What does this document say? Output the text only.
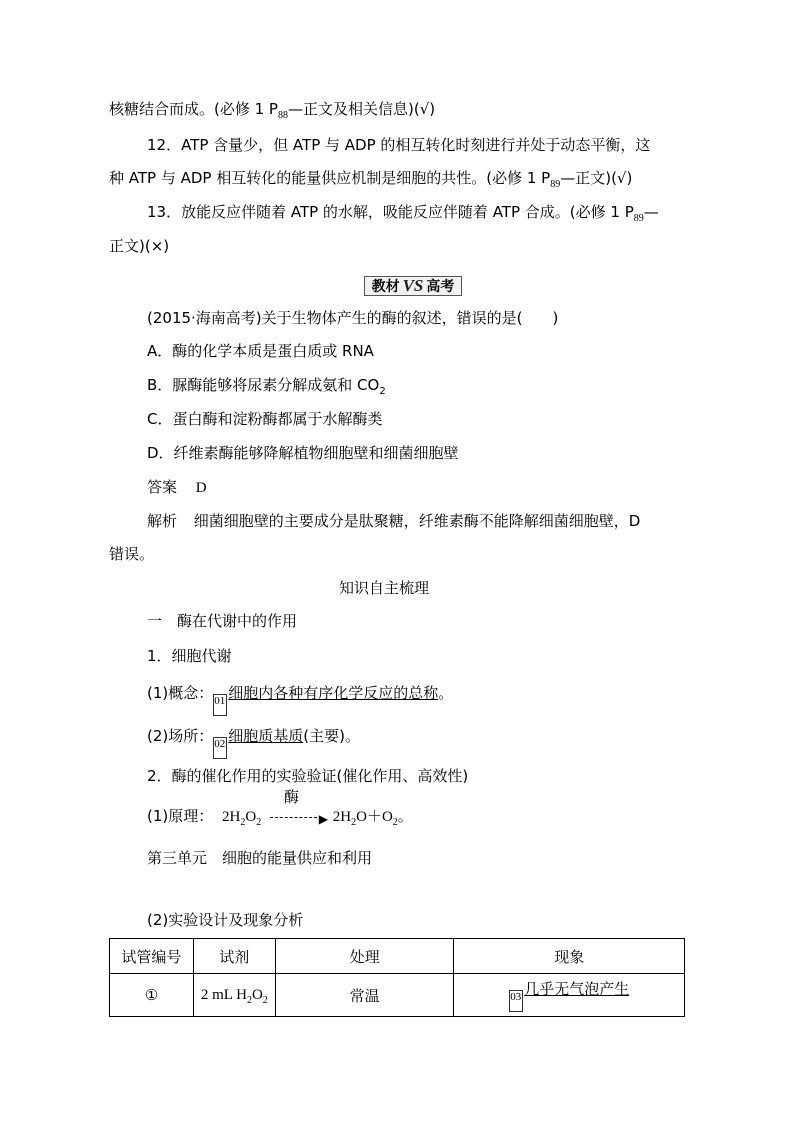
核糖结合而成。(必修 1 $P_{88}—$正文及相关信息)(√)
12．ATP 含量少，但 ATP 与 ADP 的相互转化时刻进行并处于动态平衡，这
种 ATP 与 ADP 相互转化的能量供应机制是细胞的共性。(必修 1 $P_{89}—$正文)(√)
13．放能反应伴随着 ATP 的水解，吸能反应伴随着 ATP 合成。(必修 1 $P_{89}—$
正文)(×)
教材 VS 高考
(2015·海南高考)关于生物体产生的酶的叙述，错误的是(　　)
A．酶的化学本质是蛋白质或 RNA
B．脲酶能够将尿素分解成氨和 $CO_2$
C．蛋白酶和淀粉酶都属于水解酶类
D．纤维素酶能够降解植物细胞壁和细菌细胞壁
答案 D
解析 细菌细胞壁的主要成分是肽聚糖，纤维素酶不能降解细菌细胞壁，D
错误。
知识自主梳理
一　酶在代谢中的作用
1．细胞代谢
(1)概念：01 细胞内各种有序化学反应的总称。
(2)场所：02 细胞质基质(主要)。
2．酶的催化作用的实验验证(催化作用、高效性)
(1)原理： $2H_2O_2$
酶
▶ $2H_2O+O_2$。
第三单元　细胞的能量供应和利用
(2)实验设计及现象分析
试管编号	试剂	处理	现象
①	2 mL $H_2O_2$	常温	03 几乎无气泡产生
